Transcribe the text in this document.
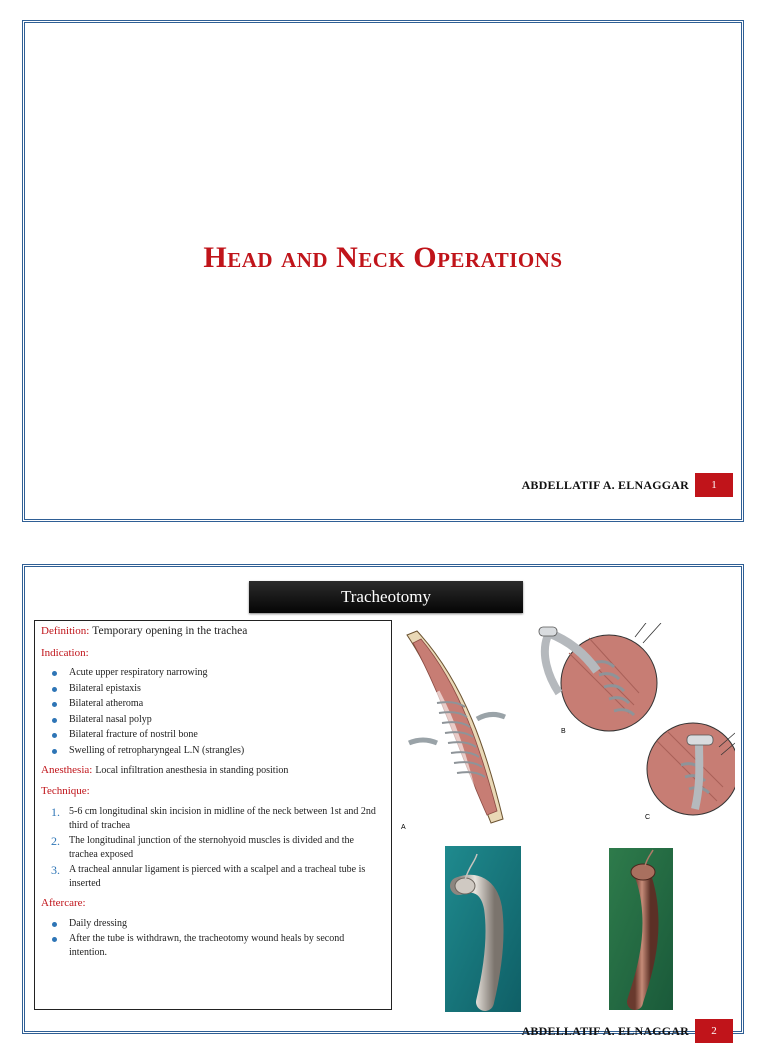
Head and Neck Operations
ABDELLATIF A. ELNAGGAR	1
Tracheotomy
Definition: Temporary opening in the trachea
Indication:
Acute upper respiratory narrowing
Bilateral epistaxis
Bilateral atheroma
Bilateral nasal polyp
Bilateral fracture of nostril bone
Swelling of retropharyngeal L.N (strangles)
Anesthesia: Local infiltration anesthesia in standing position
Technique:
1. 5-6 cm longitudinal skin incision in midline of the neck between 1st and 2nd third of trachea
2. The longitudinal junction of the sternohyoid muscles is divided and the trachea exposed
3. A tracheal annular ligament is pierced with a scalpel and a tracheal tube is inserted
Aftercare:
Daily dressing
After the tube is withdrawn, the tracheotomy wound heals by second intention.
A
B
C
ABDELLATIF A. ELNAGGAR	2
